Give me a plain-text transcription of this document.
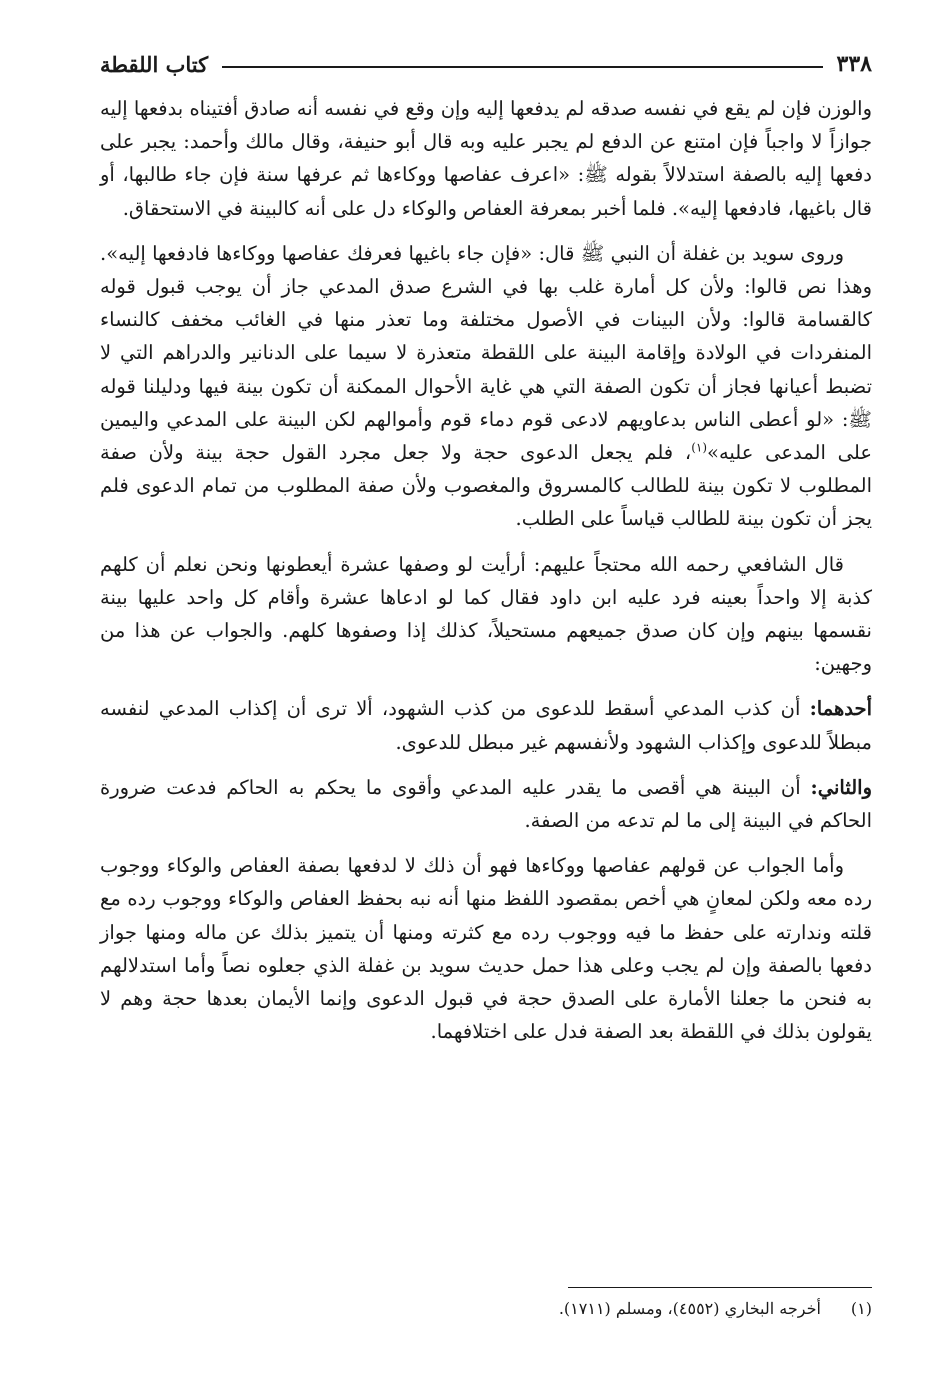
٣٣٨
كتاب اللقطة

والوزن فإن لم يقع في نفسه صدقه لم يدفعها إليه وإن وقع في نفسه أنه صادق أفتيناه بدفعها إليه جوازاً لا واجباً فإن امتنع عن الدفع لم يجبر عليه وبه قال أبو حنيفة، وقال مالك وأحمد: يجبر على دفعها إليه بالصفة استدلالاً بقوله ﷺ: «اعرف عفاصها ووكاءها ثم عرفها سنة فإن جاء طالبها، أو قال باغيها، فادفعها إليه». فلما أخبر بمعرفة العفاص والوكاء دل على أنه كالبينة في الاستحقاق.

وروى سويد بن غفلة أن النبي ﷺ قال: «فإن جاء باغيها فعرفك عفاصها ووكاءها فادفعها إليه». وهذا نص قالوا: ولأن كل أمارة غلب بها في الشرع صدق المدعي جاز أن يوجب قبول قوله كالقسامة قالوا: ولأن البينات في الأصول مختلفة وما تعذر منها في الغائب مخفف كالنساء المنفردات في الولادة وإقامة البينة على اللقطة متعذرة لا سيما على الدنانير والدراهم التي لا تضبط أعيانها فجاز أن تكون الصفة التي هي غاية الأحوال الممكنة أن تكون بينة فيها ودليلنا قوله ﷺ: «لو أعطى الناس بدعاويهم لادعى قوم دماء قوم وأموالهم لكن البينة على المدعي واليمين على المدعى عليه»$^{(١)}$، فلم يجعل الدعوى حجة ولا جعل مجرد القول حجة بينة ولأن صفة المطلوب لا تكون بينة للطالب كالمسروق والمغصوب ولأن صفة المطلوب من تمام الدعوى فلم يجز أن تكون بينة للطالب قياساً على الطلب.

قال الشافعي رحمه الله محتجاً عليهم: أرأيت لو وصفها عشرة أيعطونها ونحن نعلم أن كلهم كذبة إلا واحداً بعينه فرد عليه ابن داود فقال كما لو ادعاها عشرة وأقام كل واحد عليها بينة نقسمها بينهم وإن كان صدق جميعهم مستحيلاً، كذلك إذا وصفوها كلهم. والجواب عن هذا من وجهين:

أحدهما: أن كذب المدعي أسقط للدعوى من كذب الشهود، ألا ترى أن إكذاب المدعي لنفسه مبطلاً للدعوى وإكذاب الشهود ولأنفسهم غير مبطل للدعوى.

والثاني: أن البينة هي أقصى ما يقدر عليه المدعي وأقوى ما يحكم به الحاكم فدعت ضرورة الحاكم في البينة إلى ما لم تدعه من الصفة.

وأما الجواب عن قولهم عفاصها ووكاءها فهو أن ذلك لا لدفعها بصفة العفاص والوكاء ووجوب رده معه ولكن لمعانٍ هي أخص بمقصود اللفظ منها أنه نبه بحفظ العفاص والوكاء ووجوب رده مع قلته وندارته على حفظ ما فيه ووجوب رده مع كثرته ومنها أن يتميز بذلك عن ماله ومنها جواز دفعها بالصفة وإن لم يجب وعلى هذا حمل حديث سويد بن غفلة الذي جعلوه نصاً وأما استدلالهم به فنحن ما جعلنا الأمارة على الصدق حجة في قبول الدعوى وإنما الأيمان بعدها حجة وهم لا يقولون بذلك في اللقطة بعد الصفة فدل على اختلافهما.

(١)أخرجه البخاري (٤٥٥٢)، ومسلم (١٧١١).
